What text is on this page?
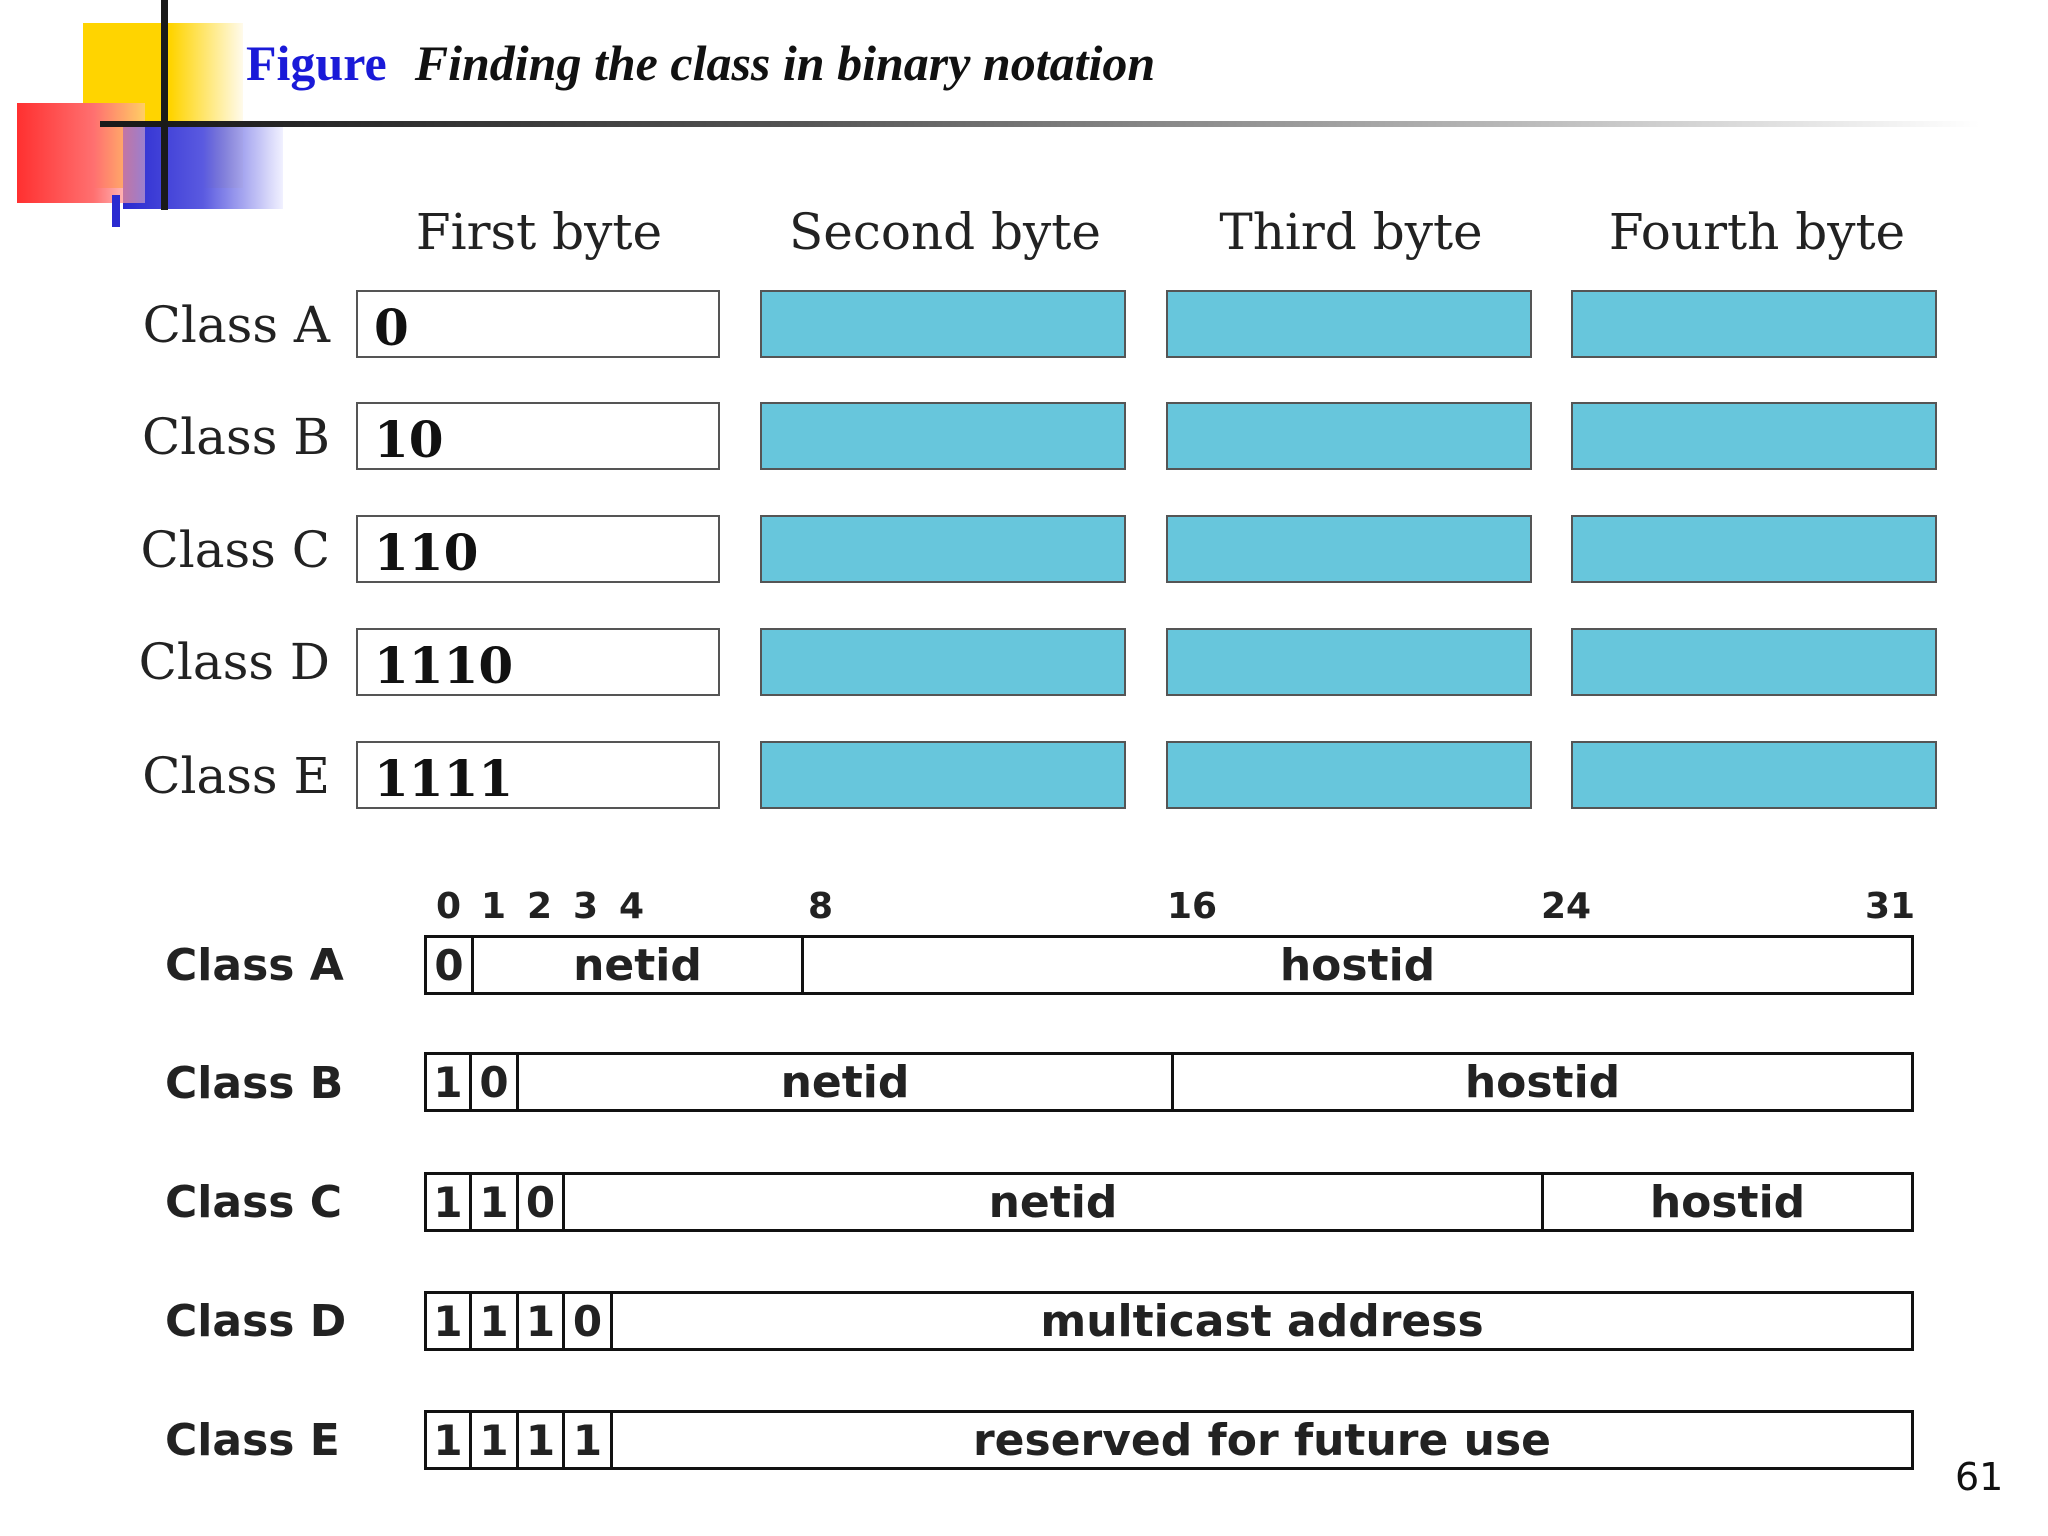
Figure Finding the class in binary notation
First byte	Second byte	Third byte	Fourth byte
Class A 0
Class B 10
Class C 110
Class D 1110
Class E 1111
0 1 2 3 4	8	16	24	31
Class A 0	netid	hostid
Class B 1 0	netid	hostid
Class C 1 1 0	netid	hostid
Class D 1 1 1 0	multicast address
Class E 1 1 1 1	reserved for future use
61
